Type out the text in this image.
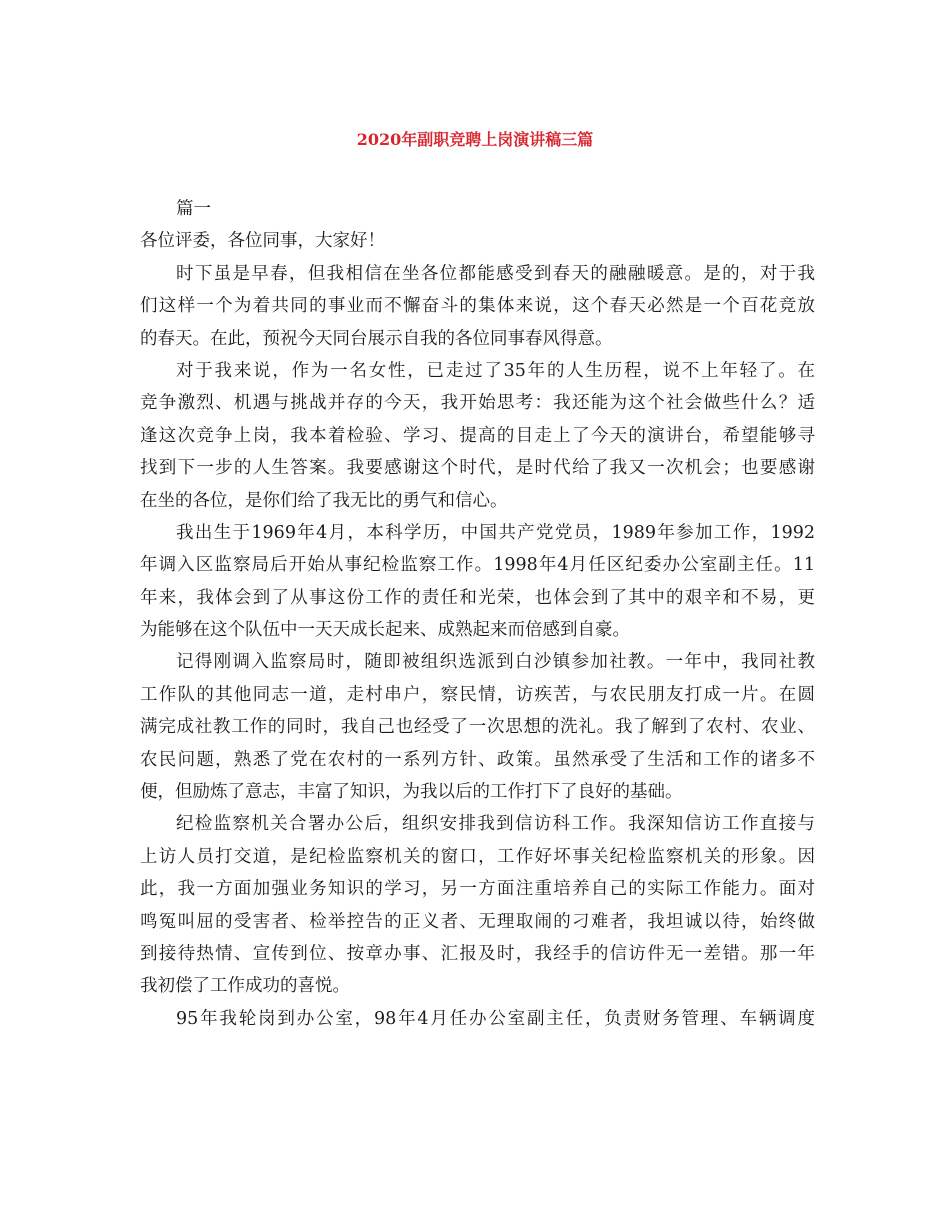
2020年副职竞聘上岗演讲稿三篇
篇一
各位评委，各位同事，大家好！
时下虽是早春，但我相信在坐各位都能感受到春天的融融暖意。是的，对于我
们这样一个为着共同的事业而不懈奋斗的集体来说，这个春天必然是一个百花竞放
的春天。在此，预祝今天同台展示自我的各位同事春风得意。
对于我来说，作为一名女性，已走过了35年的人生历程，说不上年轻了。在
竞争激烈、机遇与挑战并存的今天，我开始思考：我还能为这个社会做些什么？适
逢这次竞争上岗，我本着检验、学习、提高的目走上了今天的演讲台，希望能够寻
找到下一步的人生答案。我要感谢这个时代，是时代给了我又一次机会；也要感谢
在坐的各位，是你们给了我无比的勇气和信心。
我出生于1969年4月，本科学历，中国共产党党员，1989年参加工作，1992
年调入区监察局后开始从事纪检监察工作。1998年4月任区纪委办公室副主任。11
年来，我体会到了从事这份工作的责任和光荣，也体会到了其中的艰辛和不易，更
为能够在这个队伍中一天天成长起来、成熟起来而倍感到自豪。
记得刚调入监察局时，随即被组织选派到白沙镇参加社教。一年中，我同社教
工作队的其他同志一道，走村串户，察民情，访疾苦，与农民朋友打成一片。在圆
满完成社教工作的同时，我自己也经受了一次思想的洗礼。我了解到了农村、农业、
农民问题，熟悉了党在农村的一系列方针、政策。虽然承受了生活和工作的诸多不
便，但励炼了意志，丰富了知识，为我以后的工作打下了良好的基础。
纪检监察机关合署办公后，组织安排我到信访科工作。我深知信访工作直接与
上访人员打交道，是纪检监察机关的窗口，工作好坏事关纪检监察机关的形象。因
此，我一方面加强业务知识的学习，另一方面注重培养自己的实际工作能力。面对
鸣冤叫屈的受害者、检举控告的正义者、无理取闹的刁难者，我坦诚以待，始终做
到接待热情、宣传到位、按章办事、汇报及时，我经手的信访件无一差错。那一年
我初偿了工作成功的喜悦。
95年我轮岗到办公室，98年4月任办公室副主任，负责财务管理、车辆调度
